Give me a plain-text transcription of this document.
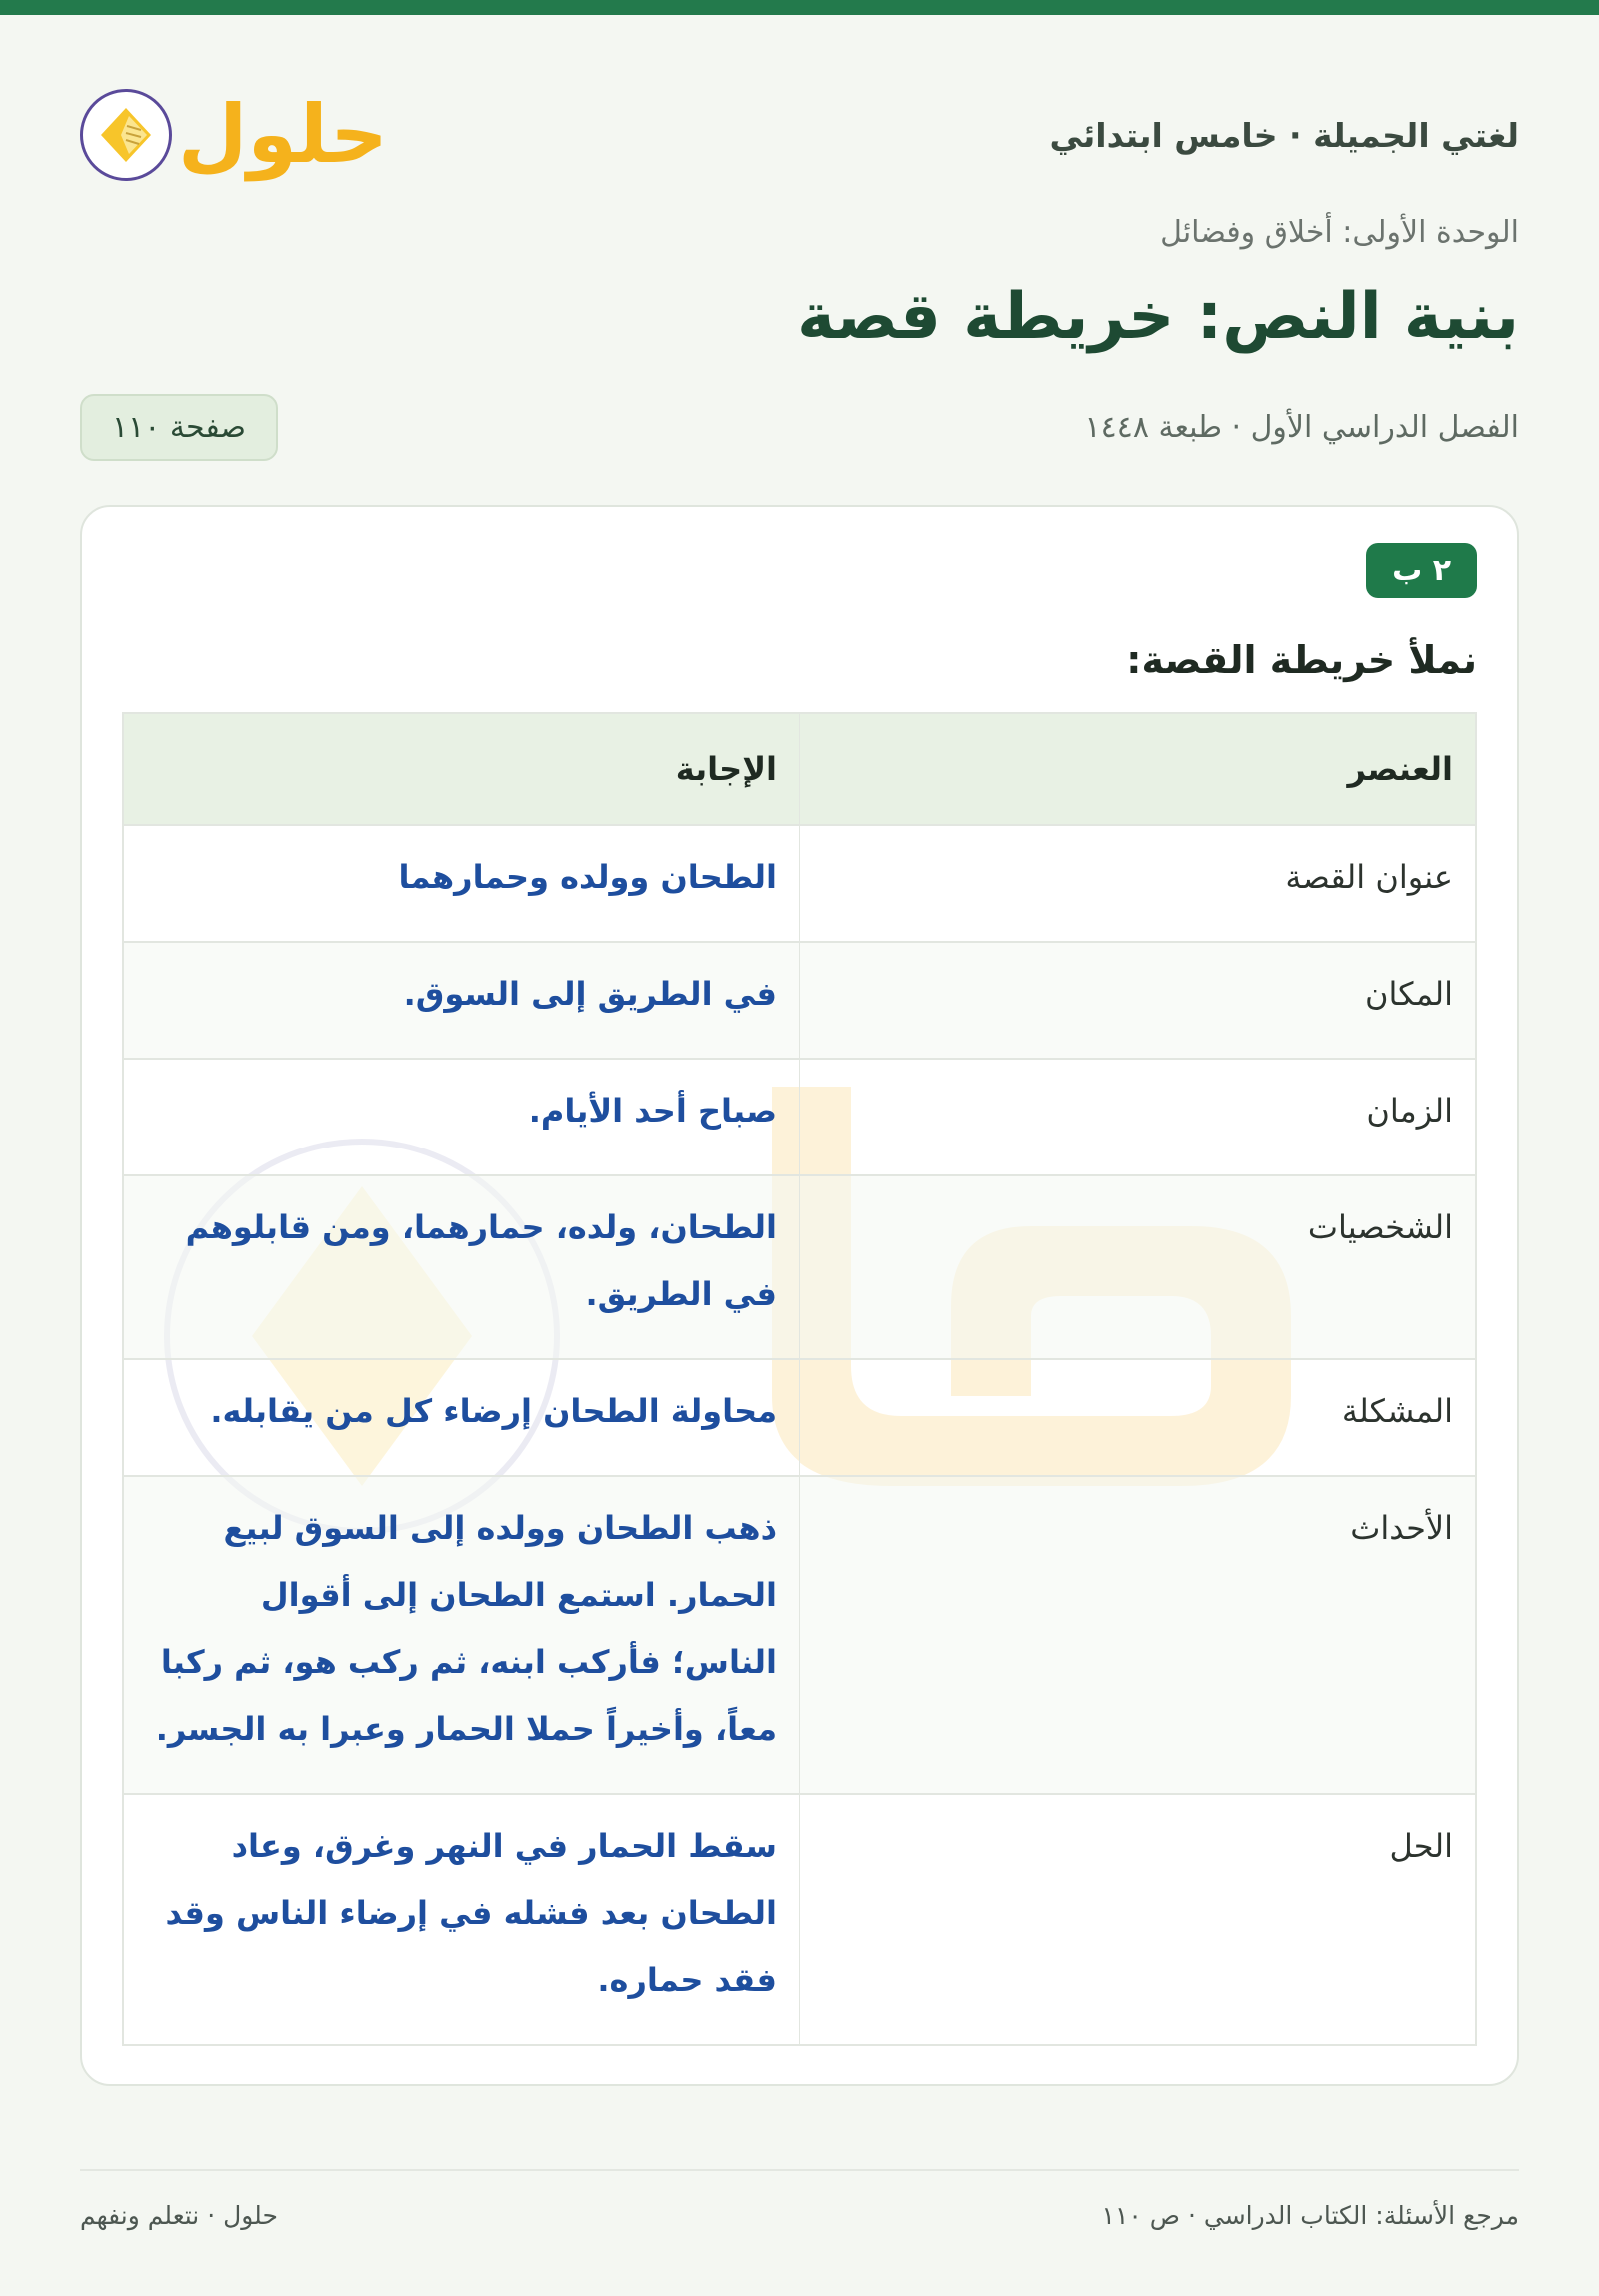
لغتي الجميلة · خامس ابتدائي
حلول
الوحدة الأولى: أخلاق وفضائل
بنية النص: خريطة قصة
الفصل الدراسي الأول · طبعة ١٤٤٨
صفحة ١١٠
٢ ب
نملأ خريطة القصة:
العنصر	الإجابة

عنوان القصة	الطحان وولده وحمارهما

المكان	في الطريق إلى السوق.

الزمان	صباح أحد الأيام.

الشخصيات	الطحان، ولده، حمارهما، ومن قابلوهم في الطريق.

المشكلة	محاولة الطحان إرضاء كل من يقابله.

الأحداث	ذهب الطحان وولده إلى السوق لبيع الحمار. استمع الطحان إلى أقوال الناس؛ فأركب ابنه، ثم ركب هو، ثم ركبا معاً، وأخيراً حملا الحمار وعبرا به الجسر.

الحل	سقط الحمار في النهر وغرق، وعاد الطحان بعد فشله في إرضاء الناس وقد فقد حماره.
مرجع الأسئلة: الكتاب الدراسي · ص ١١٠
حلول · نتعلم ونفهم
